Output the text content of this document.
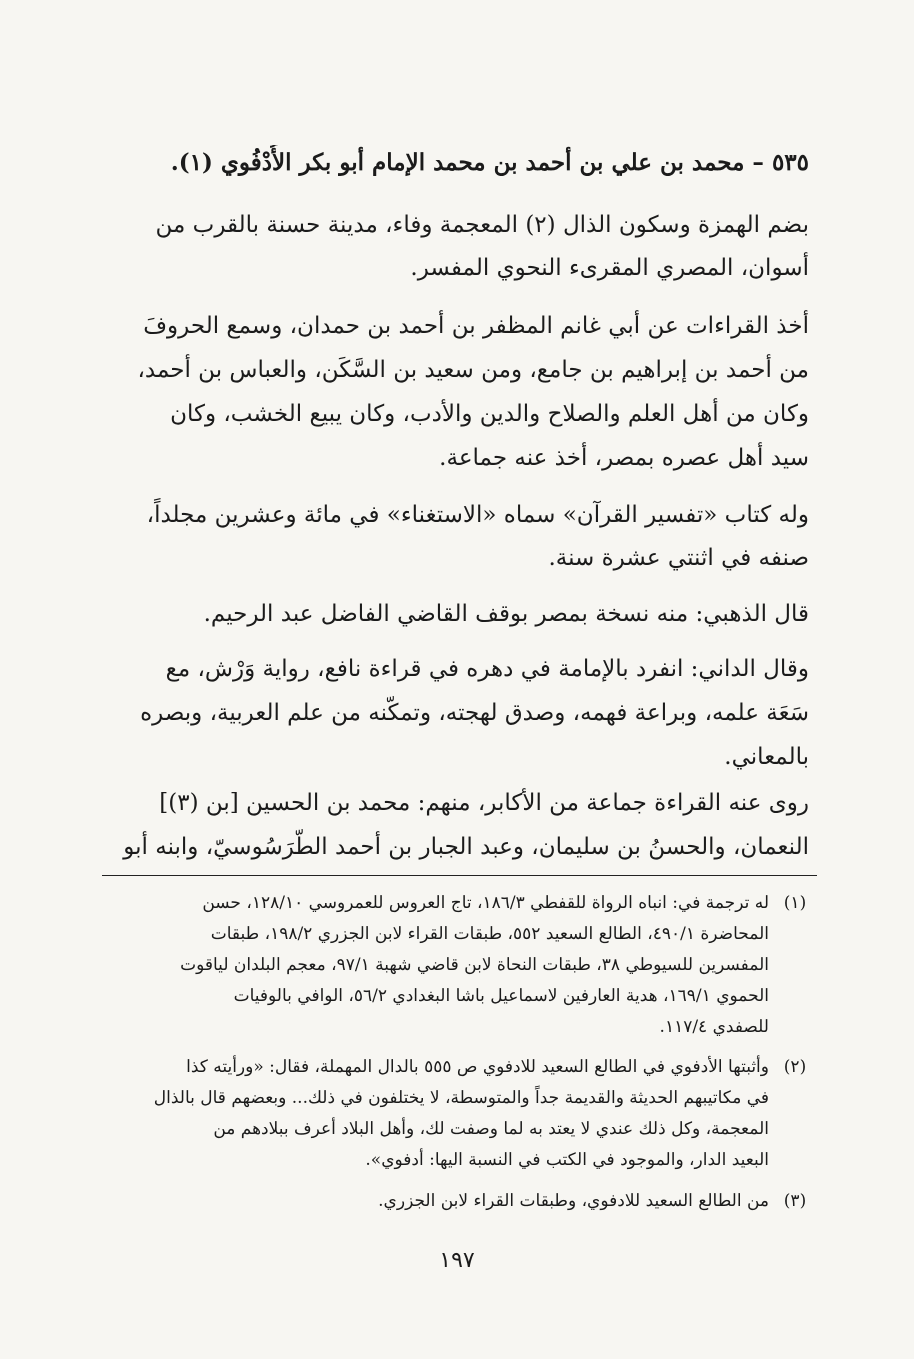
٥٣٥ – محمد بن علي بن أحمد بن محمد الإمام أبو بكر الأُدْفُوي (١).
بضم الهمزة وسكون الذال (٢) المعجمة وفاء، مدينة حسنة بالقرب من
أسوان، المصري المقرىء النحوي المفسر.
أخذ القراءات عن أبي غانم المظفر بن أحمد بن حمدان، وسمع الحروفَ
من أحمد بن إبراهيم بن جامع، ومن سعيد بن السَّكَن، والعباس بن أحمد،
وكان من أهل العلم والصلاح والدين والأدب، وكان يبيع الخشب، وكان
سيد أهل عصره بمصر، أخذ عنه جماعة.
وله كتاب «تفسير القرآن» سماه «الاستغناء» في مائة وعشرين مجلداً،
صنفه في اثنتي عشرة سنة.
قال الذهبي: منه نسخة بمصر بوقف القاضي الفاضل عبد الرحيم.
وقال الداني: انفرد بالإمامة في دهره في قراءة نافع، رواية وَرْش، مع
سَعَة علمه، وبراعة فهمه، وصدق لهجته، وتمكّنه من علم العربية، وبصره
بالمعاني.
روى عنه القراءة جماعة من الأكابر، منهم: محمد بن الحسين [بن (٣)]
النعمان، والحسنُ بن سليمان، وعبد الجبار بن أحمد الطَّرَسُوسيّ، وابنه أبو
(١)
له ترجمة في: انباه الرواة للقفطي ١٨٦/٣، تاج العروس للعمروسي ١٢٨/١٠، حسن
المحاضرة ٤٩٠/١، الطالع السعيد ٥٥٢، طبقات القراء لابن الجزري ١٩٨/٢، طبقات
المفسرين للسيوطي ٣٨، طبقات النحاة لابن قاضي شهبة ٩٧/١، معجم البلدان لياقوت
الحموي ١٦٩/١، هدية العارفين لاسماعيل باشا البغدادي ٥٦/٢، الوافي بالوفيات
للصفدي ١١٧/٤.
(٢)
وأثبتها الأدفوي في الطالع السعيد للادفوي ص ٥٥٥ بالدال المهملة، فقال: «ورأيته كذا
في مكاتيبهم الحديثة والقديمة جداً والمتوسطة، لا يختلفون في ذلك... وبعضهم قال بالذال
المعجمة، وكل ذلك عندي لا يعتد به لما وصفت لك، وأهل البلاد أعرف ببلادهم من
البعيد الدار، والموجود في الكتب في النسبة اليها: أدفوي».
(٣)
من الطالع السعيد للادفوي، وطبقات القراء لابن الجزري.
١٩٧
